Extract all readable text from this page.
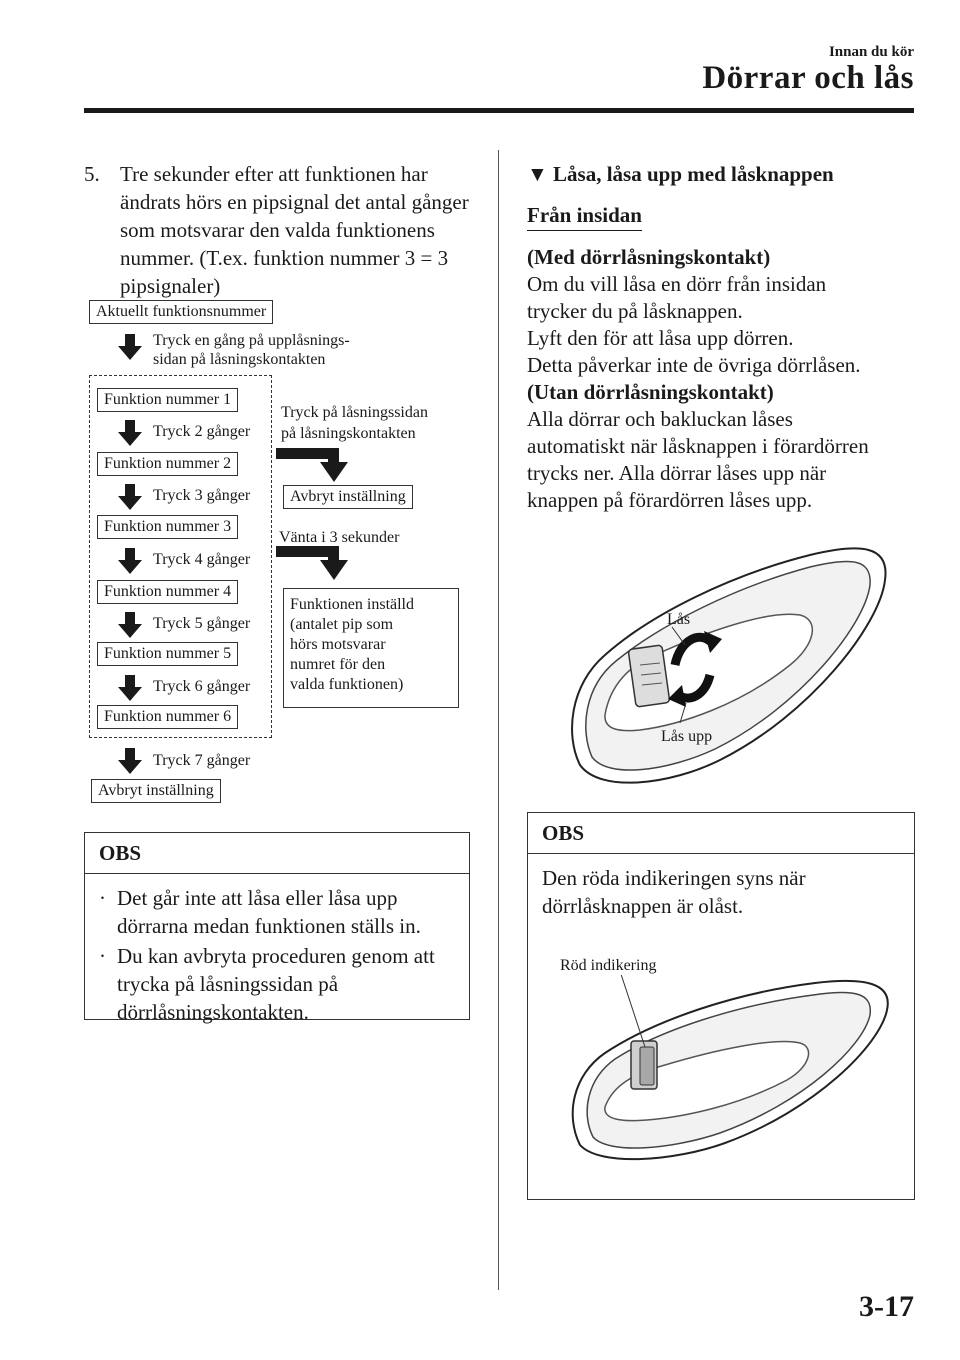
Innan du kör
Dörrar och lås
5. Tre sekunder efter att funktionen har ändrats hörs en pipsignal det antal gånger som motsvarar den valda funktionens nummer. (T.ex. funktion nummer 3 = 3 pipsignaler)
Aktuellt funktionsnummer
Tryck en gång på upplåsnings-
sidan på låsningskontakten
Funktion nummer 1
Tryck 2 gånger
Funktion nummer 2
Tryck 3 gånger
Funktion nummer 3
Tryck 4 gånger
Funktion nummer 4
Tryck 5 gånger
Funktion nummer 5
Tryck 6 gånger
Funktion nummer 6
Tryck 7 gånger
Avbryt inställning
Tryck på låsningssidan
på låsningskontakten
Avbryt inställning
Vänta i 3 sekunder
Funktionen inställd
(antalet pip som
hörs motsvarar
numret för den
valda funktionen)
OBS
· Det går inte att låsa eller låsa upp dörrarna medan funktionen ställs in.
· Du kan avbryta proceduren genom att trycka på låsningssidan på dörrlåsningskontakten.
▼ Låsa, låsa upp med låsknappen
Från insidan
(Med dörrlåsningskontakt)
Om du vill låsa en dörr från insidan
trycker du på låsknappen.
Lyft den för att låsa upp dörren.
Detta påverkar inte de övriga dörrlåsen.
(Utan dörrlåsningskontakt)
Alla dörrar och bakluckan låses
automatiskt när låsknappen i förardörren
trycks ner. Alla dörrar låses upp när
knappen på förardörren låses upp.
Lås
Lås upp
OBS

Den röda indikeringen syns när
dörrlåsknappen är olåst.

Röd indikering
3-17
